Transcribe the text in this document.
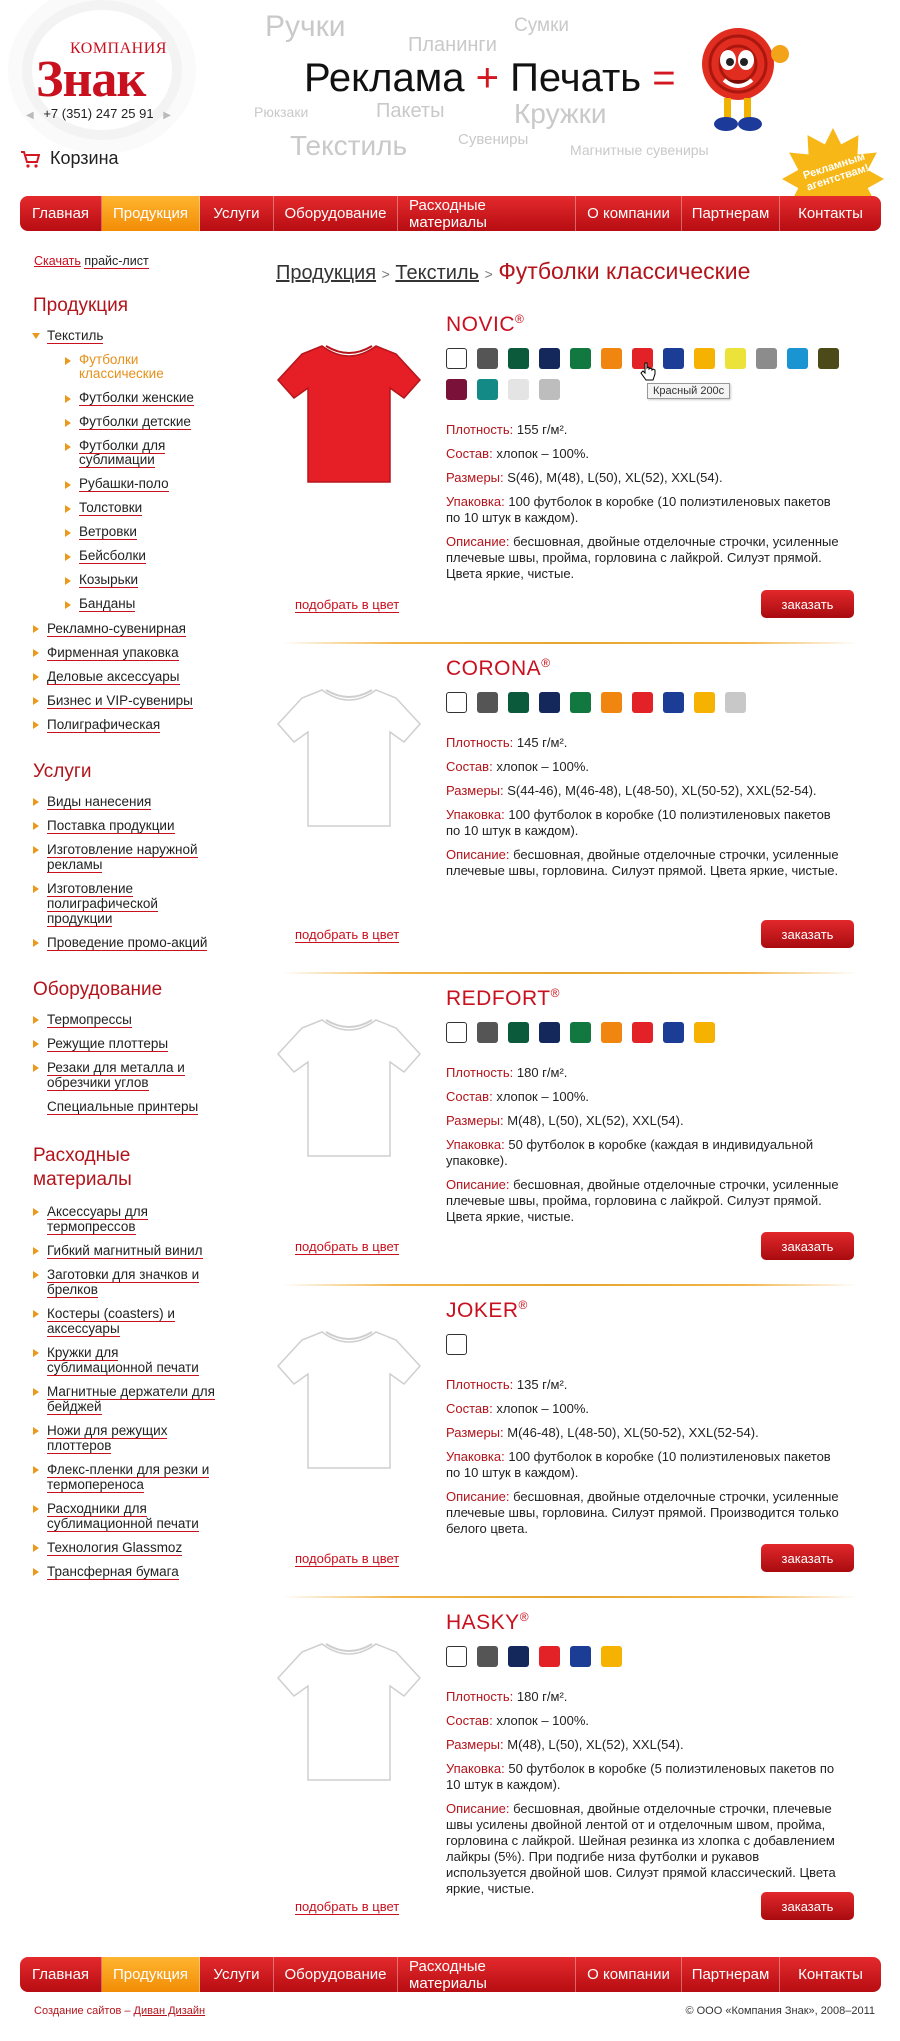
КОМПАНИЯ
Знак
◀ +7 (351) 247 25 91 ▶
Ручки	Сумки
Планинги
Рюкзаки	Пакеты Кружки
Сувениры
Текстиль	Магнитные сувениры
Реклама + Печать =
Рекламным агентствам!
Корзина
Главная	Продукция	Услуги	Оборудование	Расходные материалы	О компании	Партнерам	Контакты
Скачать прайс-лист
Продукция
Текстиль
Футболки классические
Футболки женские
Футболки детские
Футболки для сублимации
Рубашки-поло
Толстовки
Ветровки
Бейсболки
Козырьки
Банданы
Рекламно-сувенирная
Фирменная упаковка
Деловые аксессуары
Бизнес и VIP-сувениры
Полиграфическая
Услуги
Виды нанесения
Поставка продукции
Изготовление наружной рекламы
Изготовление полиграфической продукции
Проведение промо-акций
Оборудование
Термопрессы
Режущие плоттеры
Резаки для металла и обрезчики углов
Специальные принтеры
Расходные материалы
Аксессуары для термопрессов
Гибкий магнитный винил
Заготовки для значков и брелков
Костеры (coasters) и аксессуары
Кружки для сублимационной печати
Магнитные держатели для бейджей
Ножи для режущих плоттеров
Флекс-пленки для резки и термопереноса
Расходники для сублимационной печати
Технология Glassmoz
Трансферная бумага
Продукция > Текстиль > Футболки классические
NOVIC®

Плотность: 155 г/м².

Состав: хлопок – 100%.

Размеры: S(46), M(48), L(50), XL(52), XXL(54).

Упаковка: 100 футболок в коробке (10 полиэтиленовых пакетов по 10 штук в каждом).

Описание: бесшовная, двойные отделочные строчки, усиленные плечевые швы, пройма, горловина с лайкрой. Силуэт прямой. Цвета яркие, чистые.

подобрать в цвет	заказать
CORONA®

Плотность: 145 г/м².

Состав: хлопок – 100%.

Размеры: S(44-46), M(46-48), L(48-50), XL(50-52), XXL(52-54).

Упаковка: 100 футболок в коробке (10 полиэтиленовых пакетов по 10 штук в каждом).

Описание: бесшовная, двойные отделочные строчки, усиленные плечевые швы, горловина. Силуэт прямой. Цвета яркие, чистые.

подобрать в цвет	заказать
REDFORT®

Плотность: 180 г/м².

Состав: хлопок – 100%.

Размеры: M(48), L(50), XL(52), XXL(54).

Упаковка: 50 футболок в коробке (каждая в индивидуальной упаковке).

Описание: бесшовная, двойные отделочные строчки, усиленные плечевые швы, пройма, горловина с лайкрой. Силуэт прямой. Цвета яркие, чистые.

подобрать в цвет	заказать
JOKER®

Плотность: 135 г/м².

Состав: хлопок – 100%.

Размеры: M(46-48), L(48-50), XL(50-52), XXL(52-54).

Упаковка: 100 футболок в коробке (10 полиэтиленовых пакетов по 10 штук в каждом).

Описание: бесшовная, двойные отделочные строчки, усиленные плечевые швы, горловина. Силуэт прямой. Производится только белого цвета.

подобрать в цвет	заказать
HASKY®

Плотность: 180 г/м².

Состав: хлопок – 100%.

Размеры: M(48), L(50), XL(52), XXL(54).

Упаковка: 50 футболок в коробке (5 полиэтиленовых пакетов по 10 штук в каждом).

Описание: бесшовная, двойные отделочные строчки, плечевые швы усилены двойной лентой от и отделочным швом, пройма, горловина с лайкрой. Шейная резинка из хлопка с добавлением лайкры (5%). При подгибе низа футболки и рукавов используется двойной шов. Силуэт прямой классический. Цвета яркие, чистые.

подобрать в цвет	заказать
Красный 200с
Главная	Продукция	Услуги	Оборудование	Расходные материалы	О компании	Партнерам	Контакты
Создание сайтов – Диван Дизайн	© ООО «Компания Знак», 2008–2011
